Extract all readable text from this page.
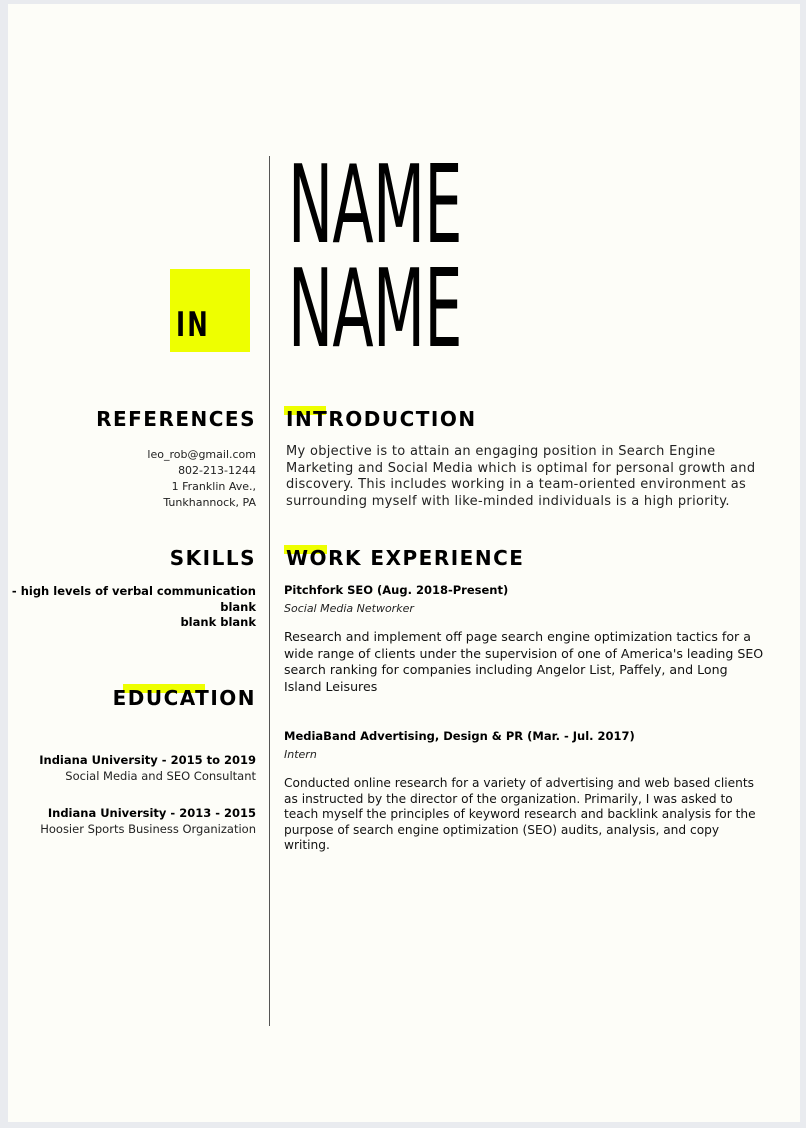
NAME
NAME
IN
REFERENCES
leo_rob@gmail.com
802-213-1244
1 Franklin Ave.,
Tunkhannock, PA
SKILLS
- high levels of verbal communication
blank
blank blank
EDUCATION
Indiana University - 2015 to 2019
Social Media and SEO Consultant
Indiana University - 2013 - 2015
Hoosier Sports Business Organization
INTRODUCTION
My objective is to attain an engaging position in Search Engine Marketing and Social Media which is optimal for personal growth and discovery. This includes working in a team-oriented environment as surrounding myself with like-minded individuals is a high priority.
WORK EXPERIENCE
Pitchfork SEO (Aug. 2018-Present)
Social Media Networker
Research and implement off page search engine optimization tactics for a wide range of clients under the supervision of one of America's leading SEO search ranking for companies including Angelor List, Paffely, and Long Island Leisures
MediaBand Advertising, Design & PR (Mar. - Jul. 2017)
Intern
Conducted online research for a variety of advertising and web based clients as instructed by the director of the organization. Primarily, I was asked to teach myself the principles of keyword research and backlink analysis for the purpose of search engine optimization (SEO) audits, analysis, and copy writing.
